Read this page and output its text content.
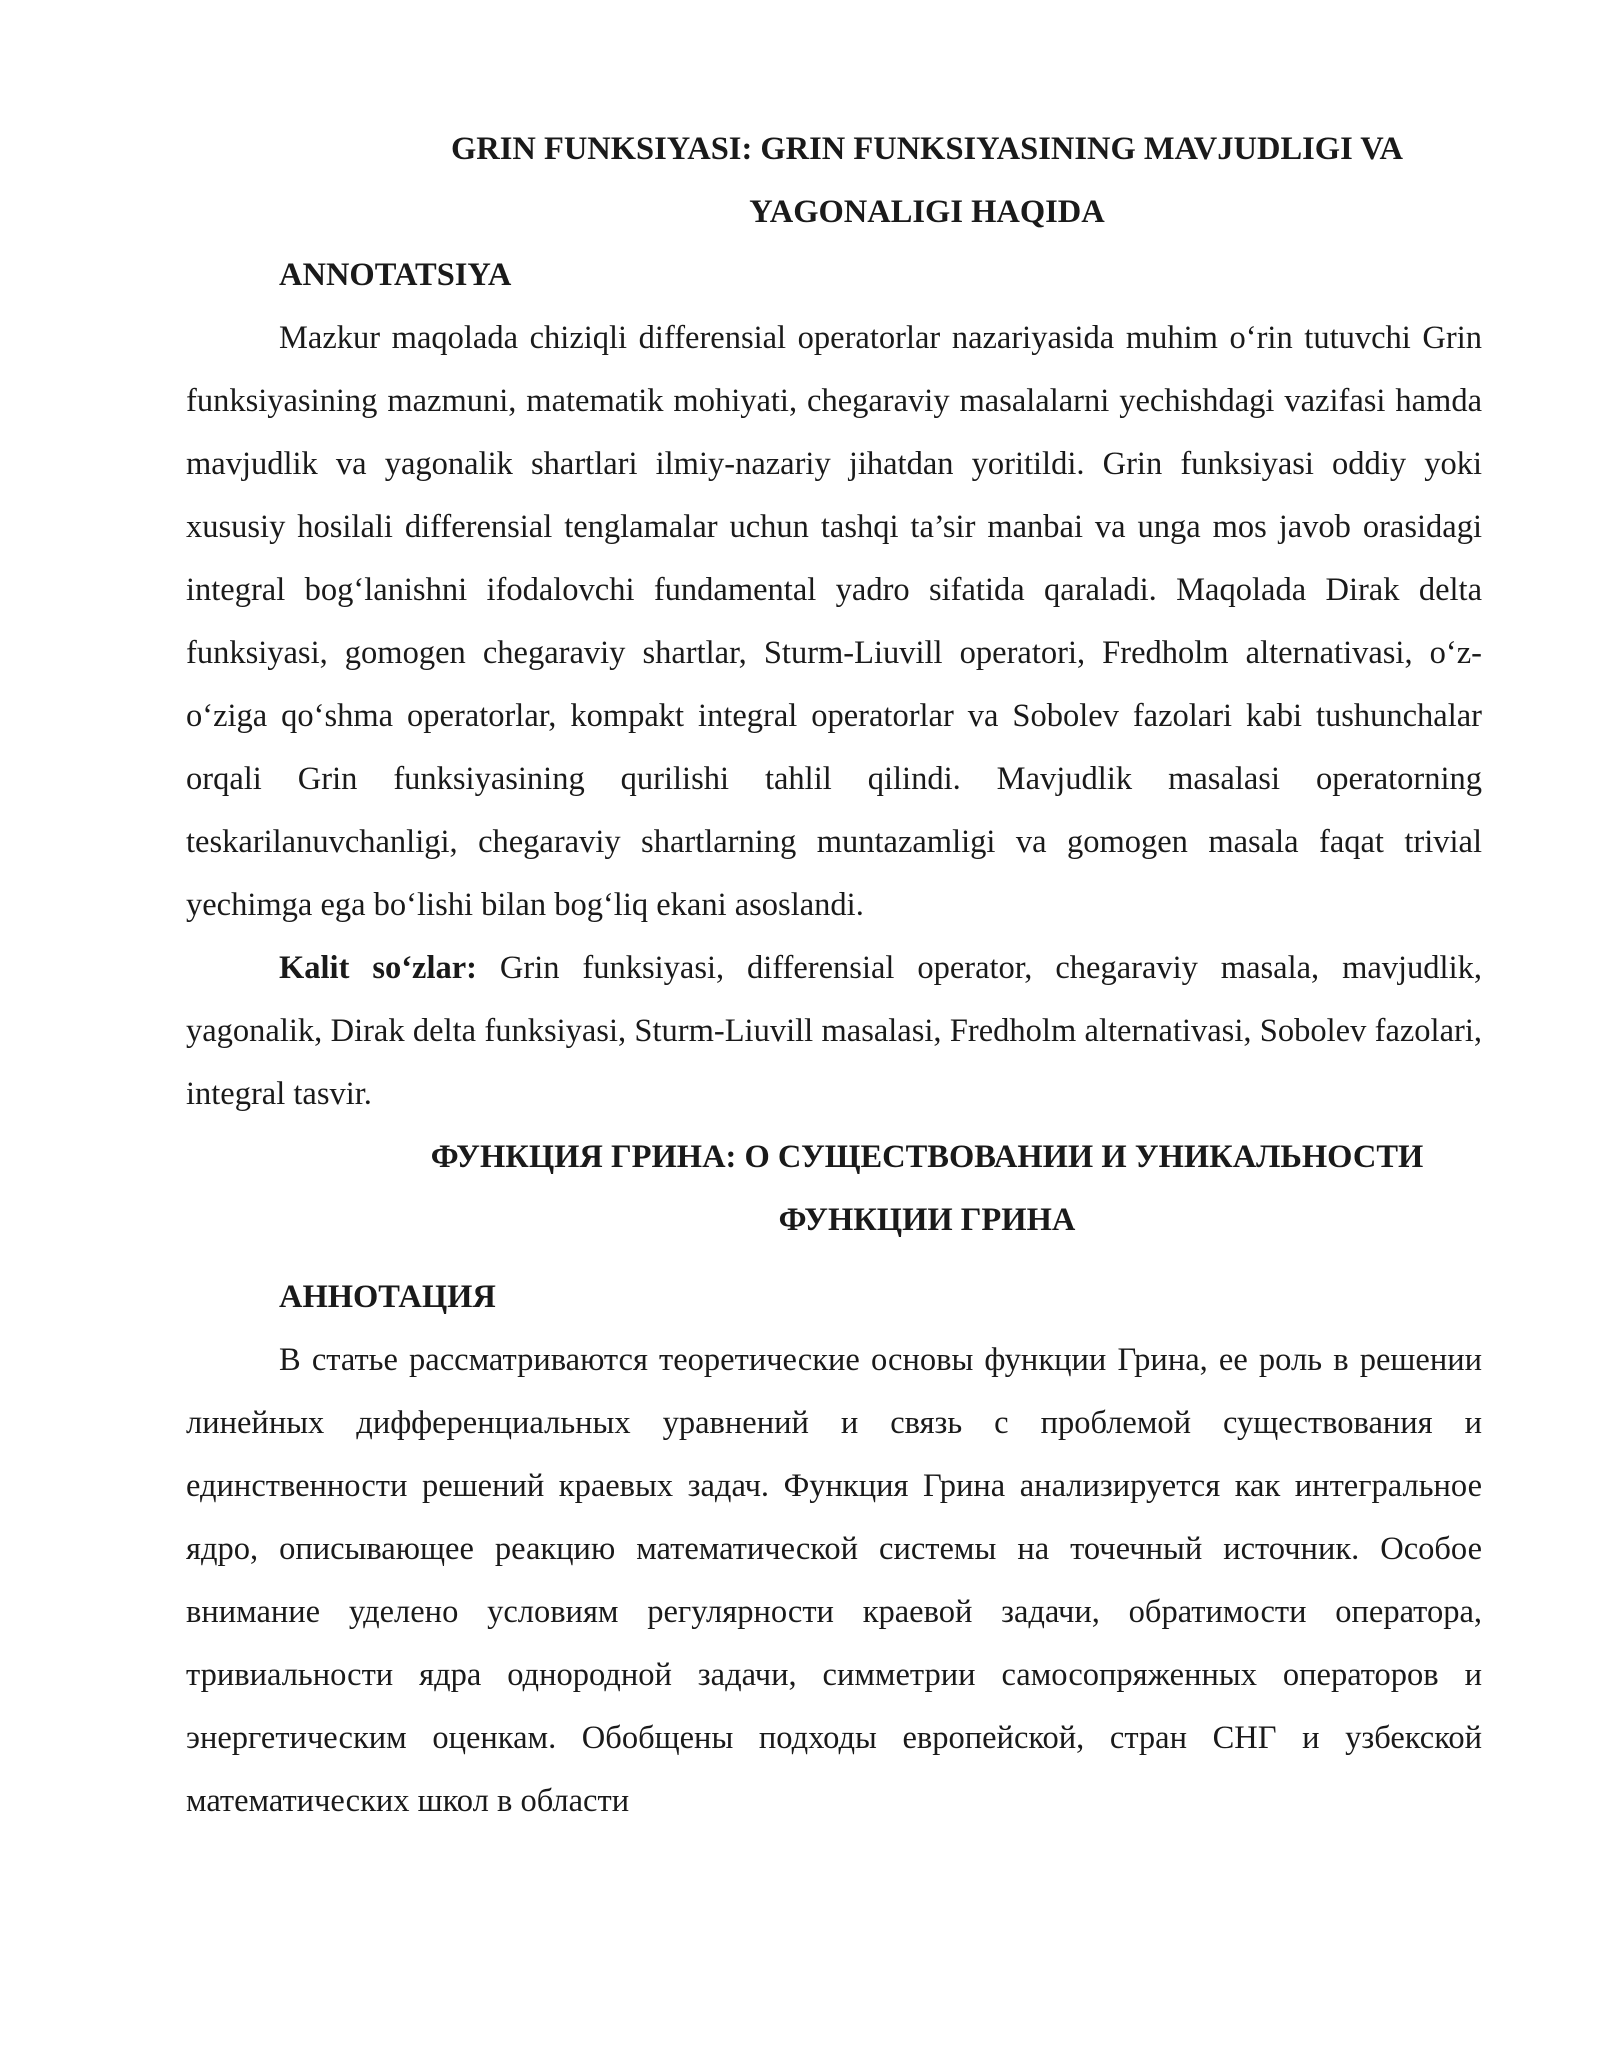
GRIN FUNKSIYASI: GRIN FUNKSIYASINING MAVJUDLIGI VA
YAGONALIGI HAQIDA
ANNOTATSIYA

Mazkur maqolada chiziqli differensial operatorlar nazariyasida muhim o‘rin tutuvchi Grin funksiyasining mazmuni, matematik mohiyati, chegaraviy masalalarni yechishdagi vazifasi hamda mavjudlik va yagonalik shartlari ilmiy-nazariy jihatdan yoritildi. Grin funksiyasi oddiy yoki xususiy hosilali differensial tenglamalar uchun tashqi ta’sir manbai va unga mos javob orasidagi integral bog‘lanishni ifodalovchi fundamental yadro sifatida qaraladi. Maqolada Dirak delta funksiyasi, gomogen chegaraviy shartlar, Sturm-Liuvill operatori, Fredholm alternativasi, o‘z-o‘ziga qo‘shma operatorlar, kompakt integral operatorlar va Sobolev fazolari kabi tushunchalar orqali Grin funksiyasining qurilishi tahlil qilindi. Mavjudlik masalasi operatorning teskarilanuvchanligi, chegaraviy shartlarning muntazamligi va gomogen masala faqat trivial yechimga ega bo‘lishi bilan bog‘liq ekani asoslandi.

Kalit so‘zlar: Grin funksiyasi, differensial operator, chegaraviy masala, mavjudlik, yagonalik, Dirak delta funksiyasi, Sturm-Liuvill masalasi, Fredholm alternativasi, Sobolev fazolari, integral tasvir.

ФУНКЦИЯ ГРИНА: О СУЩЕСТВОВАНИИ И УНИКАЛЬНОСТИ
ФУНКЦИИ ГРИНА
АННОТАЦИЯ

В статье рассматриваются теоретические основы функции Грина, ее роль в решении линейных дифференциальных уравнений и связь с проблемой существования и единственности решений краевых задач. Функция Грина анализируется как интегральное ядро, описывающее реакцию математической системы на точечный источник. Особое внимание уделено условиям регулярности краевой задачи, обратимости оператора, тривиальности ядра однородной задачи, симметрии самосопряженных операторов и энергетическим оценкам. Обобщены подходы европейской, стран СНГ и узбекской математических школ в области
